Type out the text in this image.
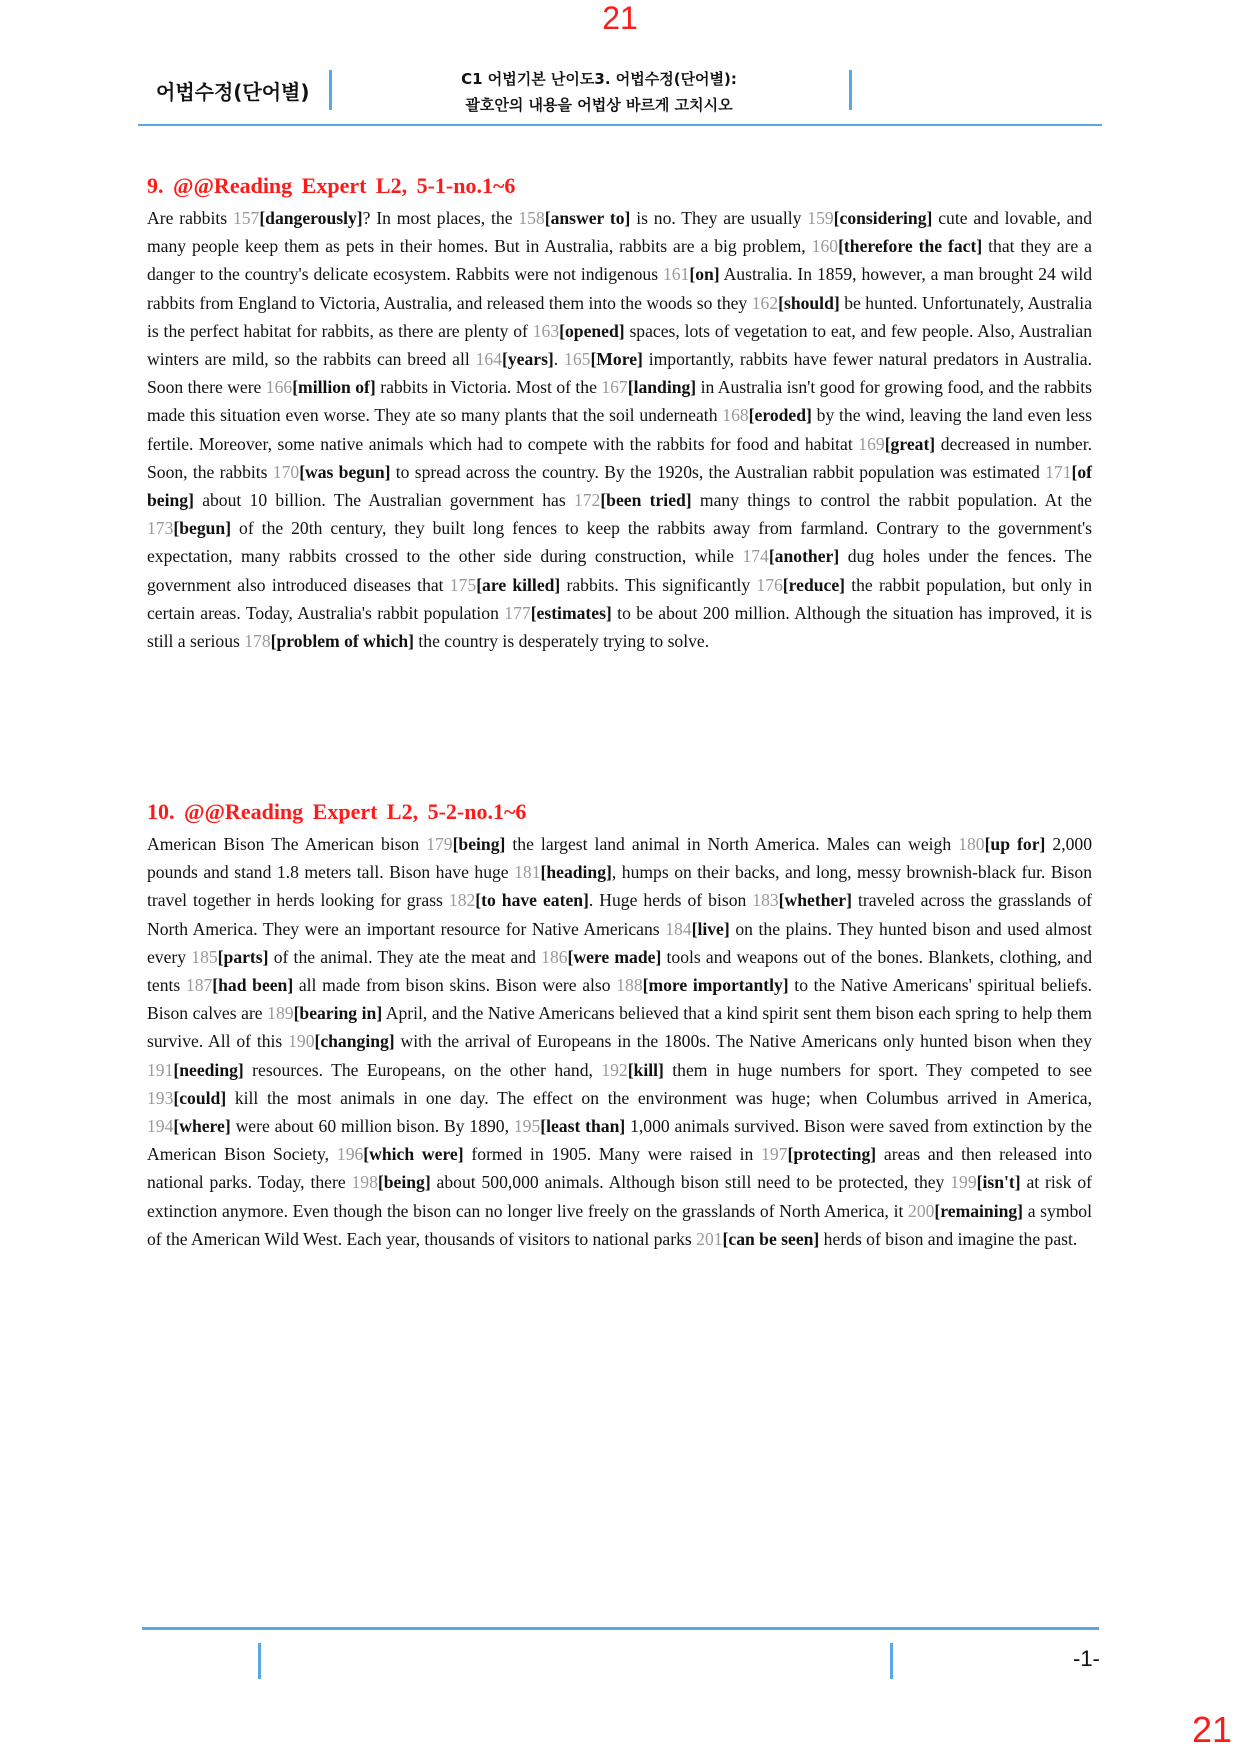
21
어법수정(단어별)
C1 어법기본 난이도3. 어법수정(단어별):
괄호안의 내용을 어법상 바르게 고치시오
9. @@Reading Expert L2, 5-1-no.1~6

Are rabbits 157[dangerously]? In most places, the 158[answer to] is no. They are usually 159[considering] cute and lovable, and many people keep them as pets in their homes. But in Australia, rabbits are a big problem, 160[therefore the fact] that they are a danger to the country's delicate ecosystem. Rabbits were not indigenous 161[on] Australia. In 1859, however, a man brought 24 wild rabbits from England to Victoria, Australia, and released them into the woods so they 162[should] be hunted. Unfortunately, Australia is the perfect habitat for rabbits, as there are plenty of 163[opened] spaces, lots of vegetation to eat, and few people. Also, Australian winters are mild, so the rabbits can breed all 164[years]. 165[More] importantly, rabbits have fewer natural predators in Australia. Soon there were 166[million of] rabbits in Victoria. Most of the 167[landing] in Australia isn't good for growing food, and the rabbits made this situation even worse. They ate so many plants that the soil underneath 168[eroded] by the wind, leaving the land even less fertile. Moreover, some native animals which had to compete with the rabbits for food and habitat 169[great] decreased in number. Soon, the rabbits 170[was begun] to spread across the country. By the 1920s, the Australian rabbit population was estimated 171[of being] about 10 billion. The Australian government has 172[been tried] many things to control the rabbit population. At the 173[begun] of the 20th century, they built long fences to keep the rabbits away from farmland. Contrary to the government's expectation, many rabbits crossed to the other side during construction, while 174[another] dug holes under the fences. The government also introduced diseases that 175[are killed] rabbits. This significantly 176[reduce] the rabbit population, but only in certain areas. Today, Australia's rabbit population 177[estimates] to be about 200 million. Although the situation has improved, it is still a serious 178[problem of which] the country is desperately trying to solve.

10. @@Reading Expert L2, 5-2-no.1~6

American Bison The American bison 179[being] the largest land animal in North America. Males can weigh 180[up for] 2,000 pounds and stand 1.8 meters tall. Bison have huge 181[heading], humps on their backs, and long, messy brownish-black fur. Bison travel together in herds looking for grass 182[to have eaten]. Huge herds of bison 183[whether] traveled across the grasslands of North America. They were an important resource for Native Americans 184[live] on the plains. They hunted bison and used almost every 185[parts] of the animal. They ate the meat and 186[were made] tools and weapons out of the bones. Blankets, clothing, and tents 187[had been] all made from bison skins. Bison were also 188[more importantly] to the Native Americans' spiritual beliefs. Bison calves are 189[bearing in] April, and the Native Americans believed that a kind spirit sent them bison each spring to help them survive. All of this 190[changing] with the arrival of Europeans in the 1800s. The Native Americans only hunted bison when they 191[needing] resources. The Europeans, on the other hand, 192[kill] them in huge numbers for sport. They competed to see 193[could] kill the most animals in one day. The effect on the environment was huge; when Columbus arrived in America, 194[where] were about 60 million bison. By 1890, 195[least than] 1,000 animals survived. Bison were saved from extinction by the American Bison Society, 196[which were] formed in 1905. Many were raised in 197[protecting] areas and then released into national parks. Today, there 198[being] about 500,000 animals. Although bison still need to be protected, they 199[isn't] at risk of extinction anymore. Even though the bison can no longer live freely on the grasslands of North America, it 200[remaining] a symbol of the American Wild West. Each year, thousands of visitors to national parks 201[can be seen] herds of bison and imagine the past.

-1-
21
